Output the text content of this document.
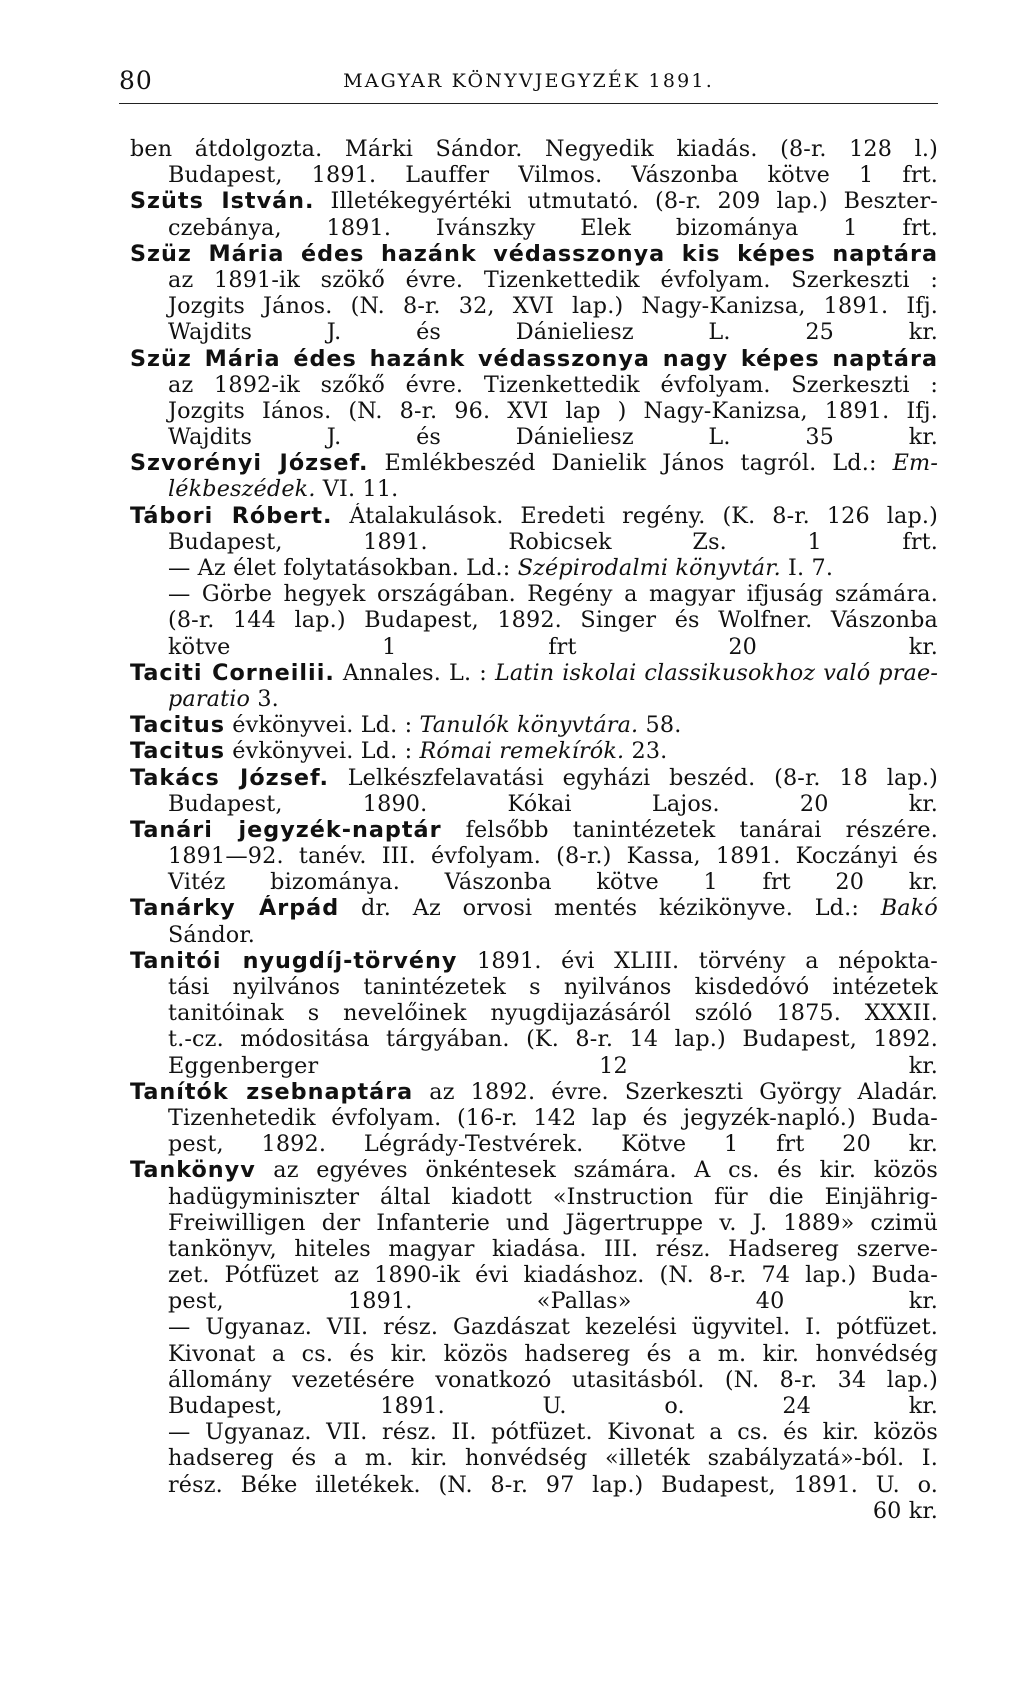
80	MAGYAR KÖNYVJEGYZÉK 1891.
ben átdolgozta. Márki Sándor. Negyedik kiadás. (8-r. 128 l.)
Budapest, 1891. Lauffer Vilmos. Vászonba kötve 1 frt.
Szüts István. Illetékegyértéki utmutató. (8-r. 209 lap.) Beszter-
czebánya, 1891. Ivánszky Elek bizománya 1 frt.
Szüz Mária édes hazánk védasszonya kis képes naptára
az 1891-ik szökő évre. Tizenkettedik évfolyam. Szerkeszti :
Jozgits János. (N. 8-r. 32, XVI lap.) Nagy-Kanizsa, 1891. Ifj.
Wajdits J. és Dánieliesz L. 25 kr.
Szüz Mária édes hazánk védasszonya nagy képes naptára
az 1892-ik szőkő évre. Tizenkettedik évfolyam. Szerkeszti :
Jozgits Iános. (N. 8-r. 96. XVI lap ) Nagy-Kanizsa, 1891. Ifj.
Wajdits J. és Dánieliesz L. 35 kr.
Szvorényi József. Emlékbeszéd Danielik János tagról. Ld.: Em-
lékbeszédek. VI. 11.
Tábori Róbert. Átalakulások. Eredeti regény. (K. 8-r. 126 lap.)
Budapest, 1891. Robicsek Zs. 1 frt.
— Az élet folytatásokban. Ld.: Szépirodalmi könyvtár. I. 7.
— Görbe hegyek országában. Regény a magyar ifjuság számára.
(8-r. 144 lap.) Budapest, 1892. Singer és Wolfner. Vászonba
kötve 1 frt 20 kr.
Taciti Corneilii. Annales. L. : Latin iskolai classikusokhoz való prae-
paratio 3.
Tacitus évkönyvei. Ld. : Tanulók könyvtára. 58.
Tacitus évkönyvei. Ld. : Római remekírók. 23.
Takács József. Lelkészfelavatási egyházi beszéd. (8-r. 18 lap.)
Budapest, 1890. Kókai Lajos. 20 kr.
Tanári jegyzék-naptár felsőbb tanintézetek tanárai részére.
1891—92. tanév. III. évfolyam. (8-r.) Kassa, 1891. Koczányi és
Vitéz bizománya. Vászonba kötve 1 frt 20 kr.
Tanárky Árpád dr. Az orvosi mentés kézikönyve. Ld.: Bakó
Sándor.
Tanitói nyugdíj-törvény 1891. évi XLIII. törvény a népokta-
tási nyilvános tanintézetek s nyilvános kisdedóvó intézetek
tanitóinak s nevelőinek nyugdijazásáról szóló 1875. XXXII.
t.-cz. módositása tárgyában. (K. 8-r. 14 lap.) Budapest, 1892.
Eggenberger 12 kr.
Tanítók zsebnaptára az 1892. évre. Szerkeszti György Aladár.
Tizenhetedik évfolyam. (16-r. 142 lap és jegyzék-napló.) Buda-
pest, 1892. Légrády-Testvérek. Kötve 1 frt 20 kr.
Tankönyv az egyéves önkéntesek számára. A cs. és kir. közös
hadügyminiszter által kiadott «Instruction für die Einjährig-
Freiwilligen der Infanterie und Jägertruppe v. J. 1889» czimü
tankönyv, hiteles magyar kiadása. III. rész. Hadsereg szerve-
zet. Pótfüzet az 1890-ik évi kiadáshoz. (N. 8-r. 74 lap.) Buda-
pest, 1891. «Pallas» 40 kr.
— Ugyanaz. VII. rész. Gazdászat kezelési ügyvitel. I. pótfüzet.
Kivonat a cs. és kir. közös hadsereg és a m. kir. honvédség
állomány vezetésére vonatkozó utasitásból. (N. 8-r. 34 lap.)
Budapest, 1891. U. o. 24 kr.
— Ugyanaz. VII. rész. II. pótfüzet. Kivonat a cs. és kir. közös
hadsereg és a m. kir. honvédség «illeték szabályzatá»-ból. I.
rész. Béke illetékek. (N. 8-r. 97 lap.) Budapest, 1891. U. o.
60 kr.
